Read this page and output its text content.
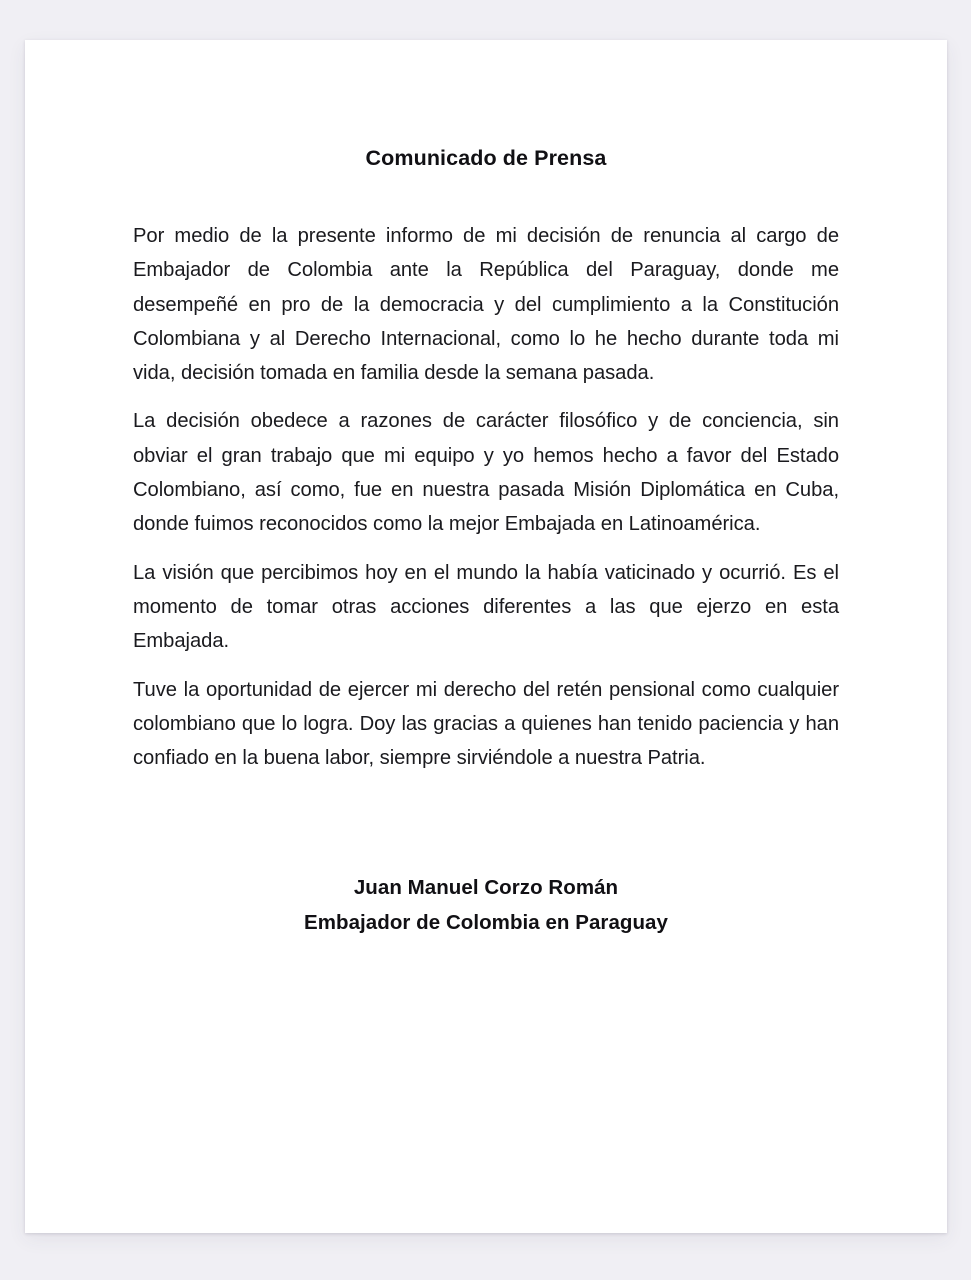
Comunicado de Prensa

Por medio de la presente informo de mi decisión de renuncia al cargo de Embajador de Colombia ante la República del Paraguay, donde me desempeñé en pro de la democracia y del cumplimiento a la Constitución Colombiana y al Derecho Internacional, como lo he hecho durante toda mi vida, decisión tomada en familia desde la semana pasada.

La decisión obedece a razones de carácter filosófico y de conciencia, sin obviar el gran trabajo que mi equipo y yo hemos hecho a favor del Estado Colombiano, así como, fue en nuestra pasada Misión Diplomática en Cuba, donde fuimos reconocidos como la mejor Embajada en Latinoamérica.

La visión que percibimos hoy en el mundo la había vaticinado y ocurrió. Es el momento de tomar otras acciones diferentes a las que ejerzo en esta Embajada.

Tuve la oportunidad de ejercer mi derecho del retén pensional como cualquier colombiano que lo logra. Doy las gracias a quienes han tenido paciencia y han confiado en la buena labor, siempre sirviéndole a nuestra Patria.

Juan Manuel Corzo Román

Embajador de Colombia en Paraguay
